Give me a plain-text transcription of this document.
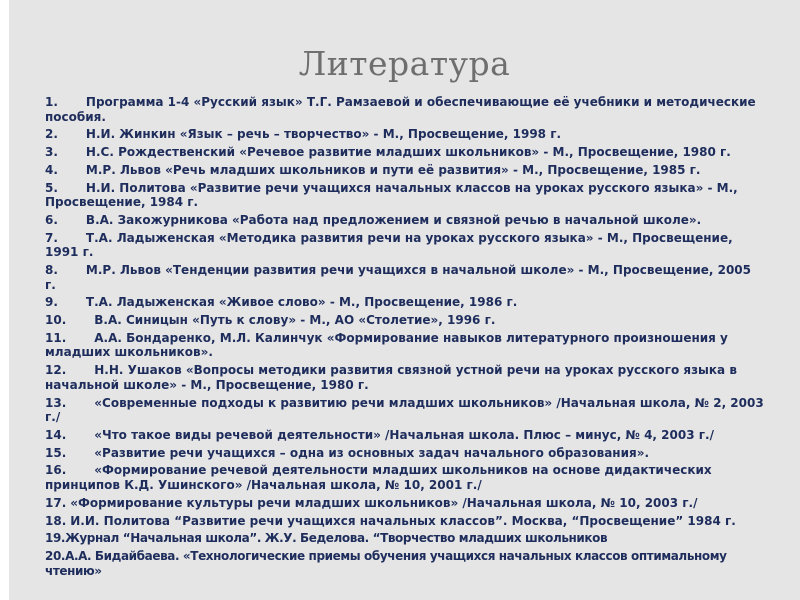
Литература
1. Программа 1-4 «Русский язык» Т.Г. Рамзаевой и обеспечивающие её учебники и методические пособия.
2. Н.И. Жинкин «Язык – речь – творчество» - М., Просвещение, 1998 г.
3. Н.С. Рождественский «Речевое развитие младших школьников» - М., Просвещение, 1980 г.
4. М.Р. Львов «Речь младших школьников и пути её развития» - М., Просвещение, 1985 г.
5. Н.И. Политова «Развитие речи учащихся начальных классов на уроках русского языка» - М., Просвещение, 1984 г.
6. В.А. Закожурникова «Работа над предложением и связной речью в начальной школе».
7. Т.А. Ладыженская «Методика развития речи на уроках русского языка» - М., Просвещение, 1991 г.
8. М.Р. Львов «Тенденции развития речи учащихся в начальной школе» - М., Просвещение, 2005 г.
9. Т.А. Ладыженская «Живое слово» - М., Просвещение, 1986 г.
10. В.А. Синицын «Путь к слову» - М., АО «Столетие», 1996 г.
11. А.А. Бондаренко, М.Л. Калинчук «Формирование навыков литературного произношения у младших школьников».
12. Н.Н. Ушаков «Вопросы методики развития связной устной речи на уроках русского языка в начальной школе» - М., Просвещение, 1980 г.
13. «Современные подходы к развитию речи младших школьников» /Начальная школа, № 2, 2003 г./
14. «Что такое виды речевой деятельности» /Начальная школа. Плюс – минус, № 4, 2003 г./
15. «Развитие речи учащихся – одна из основных задач начального образования».
16. «Формирование речевой деятельности младших школьников на основе дидактических принципов К.Д. Ушинского» /Начальная школа, № 10, 2001 г./
17. «Формирование культуры речи младших школьников» /Начальная школа, № 10, 2003 г./
18. И.И. Политова “Развитие речи учащихся начальных классов”. Москва, “Просвещение” 1984 г.
19.Журнал “Начальная школа”. Ж.У. Беделова. “Творчество младших школьников
20.А.А. Бидайбаева. «Технологические приемы обучения учащихся начальных классов оптимальному чтению»
